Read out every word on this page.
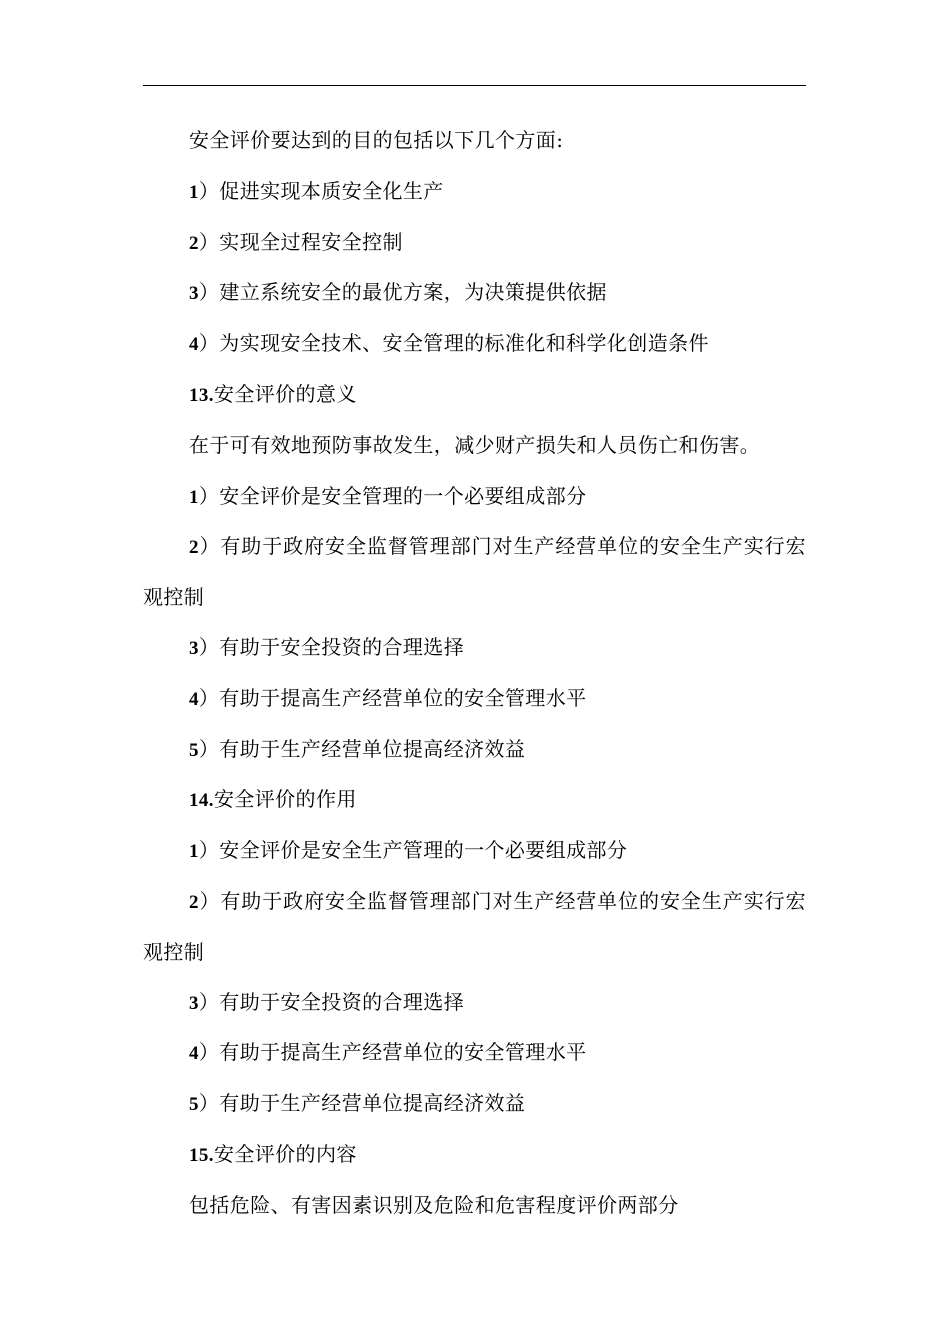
安全评价要达到的目的包括以下几个方面:

1）促进实现本质安全化生产

2）实现全过程安全控制

3）建立系统安全的最优方案，为决策提供依据

4）为实现安全技术、安全管理的标准化和科学化创造条件

13.安全评价的意义

在于可有效地预防事故发生，减少财产损失和人员伤亡和伤害。

1）安全评价是安全管理的一个必要组成部分

2）有助于政府安全监督管理部门对生产经营单位的安全生产实行宏观控制

3）有助于安全投资的合理选择

4）有助于提高生产经营单位的安全管理水平

5）有助于生产经营单位提高经济效益

14.安全评价的作用

1）安全评价是安全生产管理的一个必要组成部分

2）有助于政府安全监督管理部门对生产经营单位的安全生产实行宏观控制

3）有助于安全投资的合理选择

4）有助于提高生产经营单位的安全管理水平

5）有助于生产经营单位提高经济效益

15.安全评价的内容

包括危险、有害因素识别及危险和危害程度评价两部分
